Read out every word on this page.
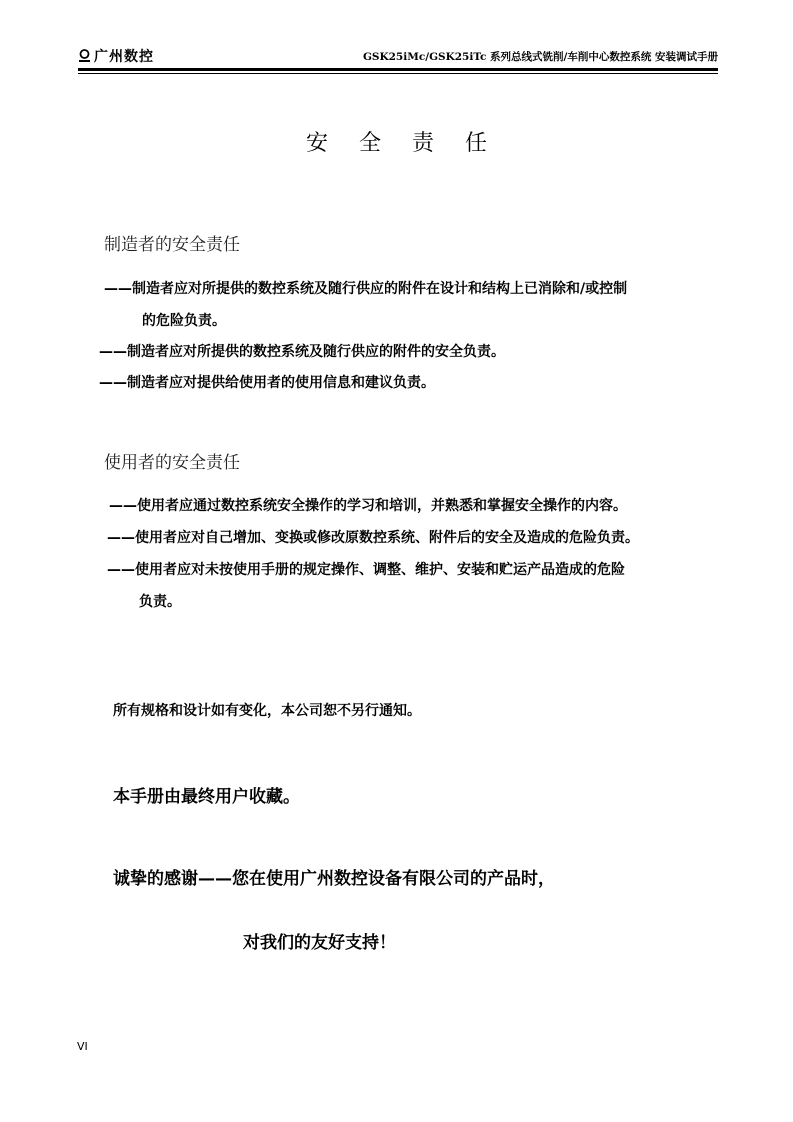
广州数控	GSK25iMc/GSK25iTc 系列总线式铣削/车削中心数控系统 安装调试手册
安 全 责 任
制造者的安全责任
——制造者应对所提供的数控系统及随行供应的附件在设计和结构上已消除和/或控制
的危险负责。
——制造者应对所提供的数控系统及随行供应的附件的安全负责。
——制造者应对提供给使用者的使用信息和建议负责。
使用者的安全责任
——使用者应通过数控系统安全操作的学习和培训，并熟悉和掌握安全操作的内容。
——使用者应对自己增加、变换或修改原数控系统、附件后的安全及造成的危险负责。
——使用者应对未按使用手册的规定操作、调整、维护、安装和贮运产品造成的危险
负责。
所有规格和设计如有变化，本公司恕不另行通知。
本手册由最终用户收藏。
诚挚的感谢——您在使用广州数控设备有限公司的产品时，
对我们的友好支持！
VI
